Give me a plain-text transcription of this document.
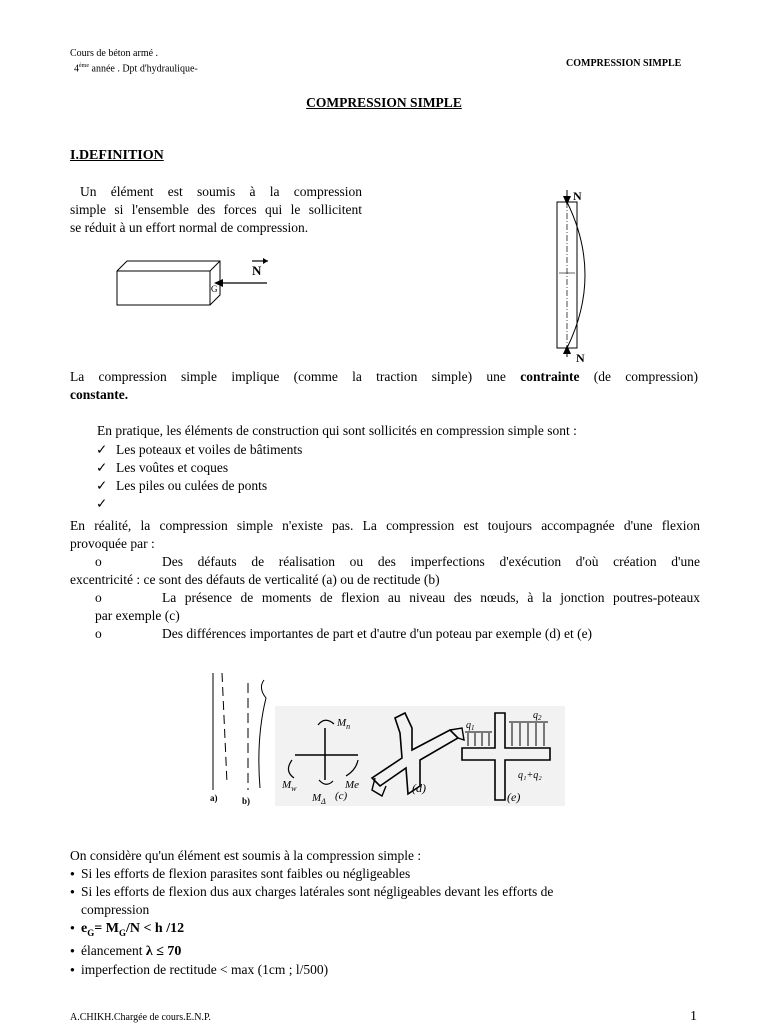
Cours de béton armé .
4ème année . Dpt d'hydraulique-	COMPRESSION SIMPLE
COMPRESSION SIMPLE
I.DEFINITION
Un élément est soumis à la compression
simple si l'ensemble des forces qui le sollicitent
se réduit à un effort normal de compression.
N
G
N
N
La compression simple implique (comme la traction simple) une contrainte (de compression)
constante.
En pratique, les éléments de construction qui sont sollicités en compression simple sont :
✓ Les poteaux et voiles de bâtiments
✓ Les voûtes et coques
✓ Les piles ou culées de ponts
✓
En réalité, la compression simple n'existe pas. La compression est toujours accompagnée d'une flexion
provoquée par :
o	Des défauts de réalisation ou des imperfections d'exécution d'où création d'une
excentricité : ce sont des défauts de verticalité (a) ou de rectitude (b)
o	La présence de moments de flexion au niveau des nœuds, à la jonction poutres-poteaux
par exemple (c)
o	Des différences importantes de part et d'autre d'un poteau par exemple (d) et (e)
a)	b)
$M_n$
$M_w$	Me
$M_\Delta$ (c)
(d)
$q_1$
$q_2$
q₁+q₂
(e)
On considère qu'un élément est soumis à la compression simple :
● Si les efforts de flexion parasites sont faibles ou négligeables
● Si les efforts de flexion dus aux charges latérales sont négligeables devant les efforts de
compression
● $e_G= M_G/N < h$ /12
● élancement λ ≤ 70
● imperfection de rectitude < max (1cm ; l/500)
A.CHIKH.Chargée de cours.E.N.P.	1
